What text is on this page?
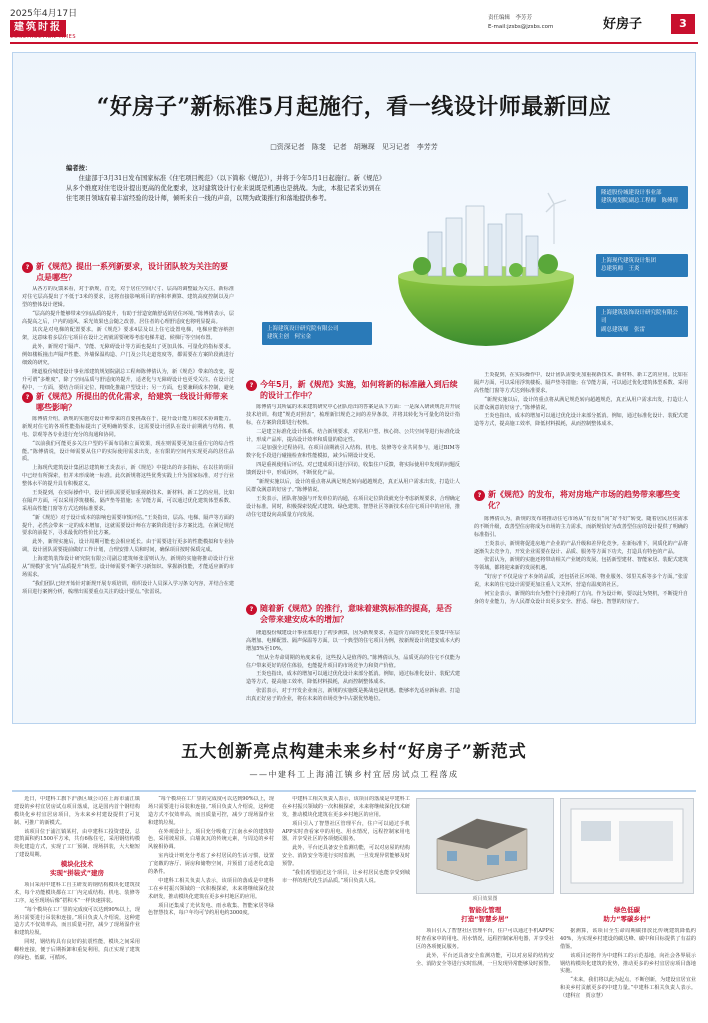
2025年4月17日
建筑时报
CONSTRUCTION TIMES
责任编辑　李芳芳
E-mail:jzsbs@jzsbs.com	好房子	3
“好房子”新标准5月起施行，看一线设计师最新回应
□资深记者　陈斐　记者　胡琳琛　见习记者　李芳芳
编者按：
住建部于3月31日发布国家标准《住宅项目规范》（以下简称《规范》），并将于今年5月1日起施行。新《规范》从多个维度对住宅设计提出更高的优化要求，这对建筑设计行业来说既是机遇也是挑战。为此，本报记者采访到在住宅项目领域有着丰富经验的设计师，倾听来自一线的声音，以期为政策推行和落地提供参考。
隆道股份城建设计事业部
建筑规划院副总工程师　陈傅倩
上海现代建筑设计集团
总建筑师　王炎
上海建筑装饰设计研究院有限公司
副总建筑师　张雷
上海建筑设计研究院有限公司
建筑主创　何宝金
? 新《规范》提出一系列新要求，设计团队较为关注的要点是哪些？

从各方的反馈来看，对于新规，首先，对于居住空间尺寸、层高的调整最为关注。新标准对住宅层高提出了不低于3米的要求，这将直接影响项目的容积率测算、建筑高度控制以及户型的整体设计逻辑。

“层高的提升能够带来空间品质的提升，有助于营造宽敞舒适的居住环境。”陈傅倩表示，层高提高之后，户内的通风、采光效果也会随之改善，居住者的心理舒适度也将明显提高。

其次是对电梯的配置要求。新《规范》要求4层及以上住宅设置电梯，电梯应能容纳担架，这意味着多层住宅项目在设计之初就需要统筹考虑电梯井道、候梯厅等空间布置。

此外，新规对于隔声、节能、无障碍设计等方面也提出了更加具体、可量化的指标要求。例如楼板撞击声隔声性能、外墙保温构造、户门及公共走道宽度等，都需要在方案阶段就进行细致的研究。

隆道股份城建设计事业部建筑规划院副总工程师陈傅倩认为，新《规范》带来的改变，提升可谓“多维度”，除了空间品质与舒适度的提升，适老化与无障碍设计也更受关注。在设计过程中，一方面，要结合项目定位，精细化推敲户型设计；另一方面，也要兼顾成本控制，避免

? 新《规范》所提出的优化需求，给建筑一线设计师带来哪些影响？

陈傅倩介绍，新规的实施对设计师带来的首要挑战在于，提升设计能力和技术协调能力。新规对住宅的各项性能指标提出了更明确的要求，这需要设计团队在设计前期就与结构、机电、景观等各专业进行充分的沟通和协同。

“以前我们可能更多关注户型的平面布局和立面效果，现在则需要更加注重住宅的综合性能。”陈傅倩说，设计师需要从住户的实际使用需求出发，在有限的空间内实现更高的居住品质。

上海现代建筑设计集团总建筑师王炎表示，新《规范》中提出的许多指标，在以往的项目中已经有所探索，但并未形成统一标准。此次新规将这些优秀实践上升为国家标准，对于行业整体水平的提升具有积极意义。

王炎提到，在实际操作中，设计团队需要更加重视新技术、新材料、新工艺的应用。比如在隔声方面，可以采用浮筑楼板、隔声垫等措施；在节能方面，可以通过优化建筑体型系数、采用高性能门窗等方式达到标准要求。

“新《规范》对于设计成本的影响也需要审慎评估。”王炎指出，层高、电梯、隔声等方面的提升，必然会带来一定的成本增加，这就需要设计师在方案阶段进行多方案比选，在满足规范要求的前提下，寻求最优的性价比方案。

此外，新规实施后，设计周期可能也会相应延长。由于需要进行更多的性能模拟和专业协调，设计团队需要提前做好工作计划，合理安排人员和时间，确保项目按时保质完成。

上海建筑装饰设计研究院有限公司副总建筑师张雷则认为，新规的实施将推动设计行业从“规模扩张”向“品质提升”转型。设计师需要不断学习新知识、掌握新技能，才能适应新的市场需求。

“我们团队已经开始针对新规开展专项培训，组织设计人员深入学习条文内容，并结合在建项目进行案例分析，梳理出需要重点关注的设计要点。”张雷说。

? 今年5月，新《规范》实施，如何将新的标准融入到后续的设计工作中？

陈傅倩与其所属的未来建筑研究中心团队给出的答案是从下方面：一是深入研读规范并开展技术培训。构建“规范对照表”，梳理新旧规范之间的差异条款，并将其转化为可量化的设计指标，在方案阶段即进行校核。

二是建立标准化设计体系。结合新规要求，对常用户型、核心筒、公共空间等进行标准化设计，形成产品库，提高设计效率和质量的稳定性。

三是加强全过程协同。在项目前期就引入结构、机电、装修等专业共同参与，通过BIM等数字化手段进行碰撞检查和性能模拟，减少后期设计变更。

四是重视使用后评估。对已建成项目进行回访，收集住户反馈，将实际使用中发现的问题反馈到设计中，形成闭环，不断优化产品。

“新规实施以后，设计的重点将从满足规范转向超越规范，真正从用户需求出发，打造让人民群众满意的好房子。”陈傅倩说。

王炎表示，团队将加强与开发单位的沟通，在项目定位阶段就充分考虑新规要求，合理确定设计标准。同时，积极探索装配式建筑、绿色建筑、智慧社区等新技术在住宅项目中的应用，推动住宅建设向高质量方向发展。

? 随着新《规范》的推行，意味着建筑标准的提高，是否会带来建安成本的增加？

隆道股份城建设计事业部进行了初步测算，因为新规要求，在造价方面的变化主要集中在层高增加、电梯配置、隔声保温等方面。以一个典型的住宅项目为例，按新规设计的建安成本大约增加5%至10%。

“但从全寿命周期的角度来看，这些投入是值得的。”陈傅倩认为，品质更高的住宅不仅能为住户带来更好的居住体验，也能提升项目的市场竞争力和资产价值。

王炎也指出，成本的增加可以通过优化设计来部分抵消。例如，通过标准化设计、装配式建造等方式，提高施工效率，降低材料损耗，从而控制整体成本。

张雷表示，对于开发企业而言，新规的实施既是挑战也是机遇。能够率先适应新标准、打造出真正好房子的企业，将在未来的市场竞争中占据优势地位。

王炎提到，在实际操作中，设计团队需要更加重视新技术、新材料、新工艺的应用。比如在隔声方面，可以采用浮筑楼板、隔声垫等措施；在节能方面，可以通过优化建筑体型系数、采用高性能门窗等方式达到标准要求。

“新规实施以后，设计的重点将从满足规范转向超越规范，真正从用户需求出发，打造让人民群众满意的好房子。”陈傅倩说。

王炎也指出，成本的增加可以通过优化设计来部分抵消。例如，通过标准化设计、装配式建造等方式，提高施工效率，降低材料损耗，从而控制整体成本。

? 新《规范》的发布，将对房地产市场的趋势带来哪些变化？

陈傅倩认为，新规的发布将推动住宅市场从“有没有”向“好不好”转变。随着居民居住需求的不断升级，改善型住房将成为市场的主力需求，而新规恰好为改善型住房的设计提供了明确的标准指引。

王炎表示，新规将促进房地产企业的产品升级和差异化竞争。在新标准下，同质化的产品将逐渐失去竞争力，开发企业需要在设计、品质、服务等方面下功夫，打造具有特色的产品。

张雷认为，新规的实施还将带动相关产业链的发展，包括新型建材、智能家居、装配式建筑等领域，都将迎来新的发展机遇。

“好房子不仅是房子本身的品质，还包括社区环境、物业服务、邻里关系等多个方面。”张雷说，未来的住宅设计需要更加注重人文关怀，营造有温度的社区。

何宝金表示，新规的出台为整个行业指明了方向。作为设计师，要以此为契机，不断提升自身的专业能力，为人民群众设计出更多安全、舒适、绿色、智慧的好房子。

五大创新亮点构建未来乡村“好房子”新范式
——中建科工上海浦江镇乡村宜居房试点工程落成

近日，中建科工旗下沪浙区域公司在上海市浦江镇建设的乡村宜居房试点项目落成，这是国内首个钢结构模块化乡村宜居房项目，为未来乡村建设提供了可复制、可推广的新模式。

该项目位于浦江镇某村，由中建科工投资建设，总建筑面积约1500平方米，共有6栋住宅，采用钢结构模块化建造方式，实现了工厂预制、现场拼装，大大缩短了建设周期。

模块化技术
实现“拼装式”建房

项目采用中建科工自主研发的钢结构模块化建筑技术，每个功能模块都在工厂内完成结构、机电、装修等工序，运至现场后像“搭积木”一样快速拼装。

“每个模块在工厂里的完成度可以达到90%以上，现场只需要进行吊装和连接。”项目负责人介绍说，这种建造方式不仅效率高，而且质量可控，减少了现场湿作业和建筑垃圾。

同时，钢结构具有良好的抗震性能，模块之间采用螺栓连接，便于后期拆卸和重复利用，真正实现了建筑的绿色、低碳、可循环。

“每个模块在工厂里的完成度可以达到90%以上，现场只需要进行吊装和连接。”项目负责人介绍说，这种建造方式不仅效率高，而且质量可控，减少了现场湿作业和建筑垃圾。

在外观设计上，项目充分吸收了江南水乡的建筑特色，采用坡屋顶、白墙灰瓦的传统元素，与周边的乡村风貌相协调。

室内设计则充分考虑了乡村居民的生活习惯，设置了宽敞的客厅、厨房和储物空间，并预留了适老化改造的条件。

中建科工相关负责人表示，该项目的落成是中建科工在乡村振兴领域的一次积极探索，未来将继续深化技术研发，推动模块化建筑在更多乡村地区的应用。

项目还集成了光伏发电、雨水收集、智能家居等绿色智慧技术，每户年均可节约用电约3000度。

中建科工相关负责人表示，该项目的落成是中建科工在乡村振兴领域的一次积极探索，未来将继续深化技术研发，推动模块化建筑在更多乡村地区的应用。

项目引入了智慧社区管理平台，住户可以通过手机APP实时查看家中的用电、用水情况，远程控制家用电器，并享受社区的各项便民服务。

此外，平台还具备安全监测功能，可以对房屋的结构安全、消防安全等进行实时监测，一旦发现异常能够及时预警。

“我们希望通过这个项目，让乡村居民也能享受到城市一样的现代化生活品质。”项目负责人说。

项目效果图
智能化管理
打造“智慧乡居”

项目引入了智慧社区管理平台，住户可以通过手机APP实时查看家中的用电、用水情况，远程控制家用电器，并享受社区的各项便民服务。

此外，平台还具备安全监测功能，可以对房屋的结构安全、消防安全等进行实时监测，一旦发现异常能够及时预警。

绿色低碳
助力“零碳乡村”

据测算，该项目全生命周期碳排放比传统建筑降低约40%，为实现乡村建设的碳达峰、碳中和目标提供了有益的借鉴。

该项目还将作为中建科工的示范基地，向社会各界展示钢结构模块化建筑的优势，推动更多的乡村宜居房项目落地实施。

“未来，我们将以此为起点，不断创新，为建设宜居宜业和美乡村贡献更多的中建力量。”中建科工相关负责人表示。（建科宣　贾京慧）
